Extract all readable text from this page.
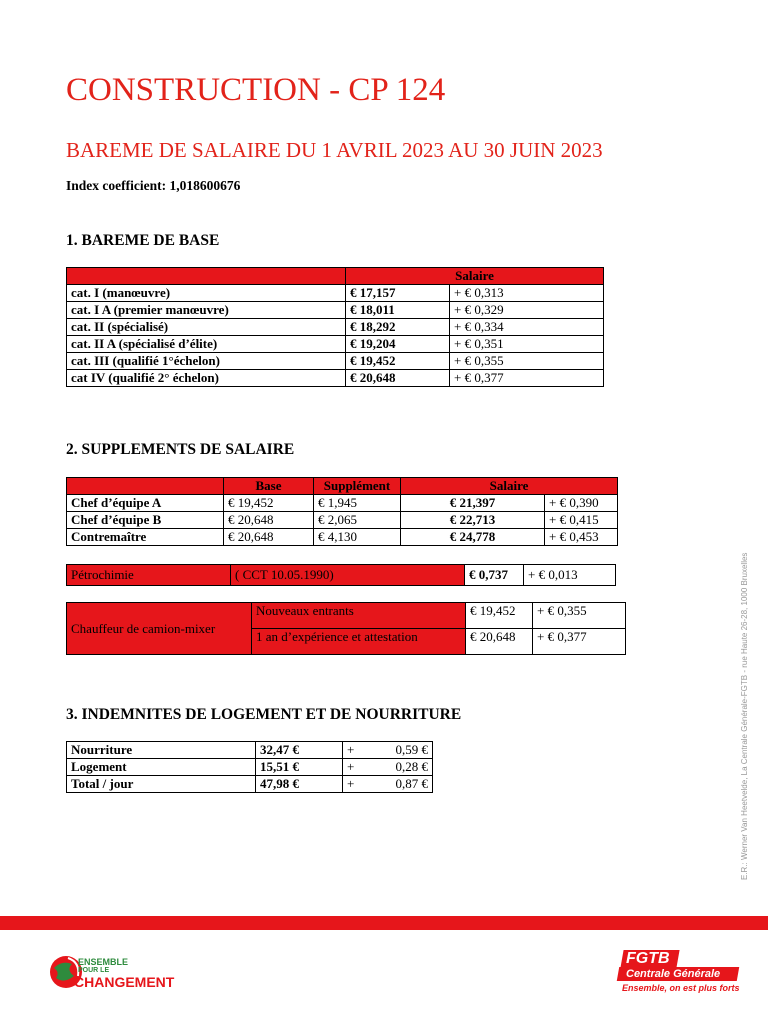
CONSTRUCTION - CP 124
BAREME DE SALAIRE DU 1 AVRIL 2023 AU 30 JUIN 2023
Index coefficient: 1,018600676
1. BAREME DE BASE
	Salaire	
cat. I (manœuvre)	€ 17,157	+ € 0,313
cat. I A (premier manœuvre)	€ 18,011	+ € 0,329
cat. II (spécialisé)	€ 18,292	+ € 0,334
cat. II A (spécialisé d’élite)	€ 19,204	+ € 0,351
cat. III (qualifié 1°échelon)	€ 19,452	+ € 0,355
cat IV (qualifié 2° échelon)	€ 20,648	+ € 0,377
2. SUPPLEMENTS DE SALAIRE
	Base	Supplément	Salaire	
Chef d’équipe A	€ 19,452	€ 1,945	€ 21,397	+ € 0,390
Chef d’équipe B	€ 20,648	€ 2,065	€ 22,713	+ € 0,415
Contremaître	€ 20,648	€ 4,130	€ 24,778	+ € 0,453
Pétrochimie	( CCT 10.05.1990)	€ 0,737	+ € 0,013
Chauffeur de camion-mixer	Nouveaux entrants	€ 19,452	+ € 0,355
	1 an d’expérience et attestation	€ 20,648	+ € 0,377
3. INDEMNITES DE LOGEMENT ET DE NOURRITURE
Nourriture	32,47 €	+	0,59 €
Logement	15,51 €	+	0,28 €
Total / jour	47,98 €	+	0,87 €	E.R.: Werner Van Heetvelde, La Centrale Générale-FGTB - rue Haute 26-28, 1000 Bruxelles
ENSEMBLE
POUR LE
CHANGEMENT
FGTB
Centrale Générale
Ensemble, on est plus forts
